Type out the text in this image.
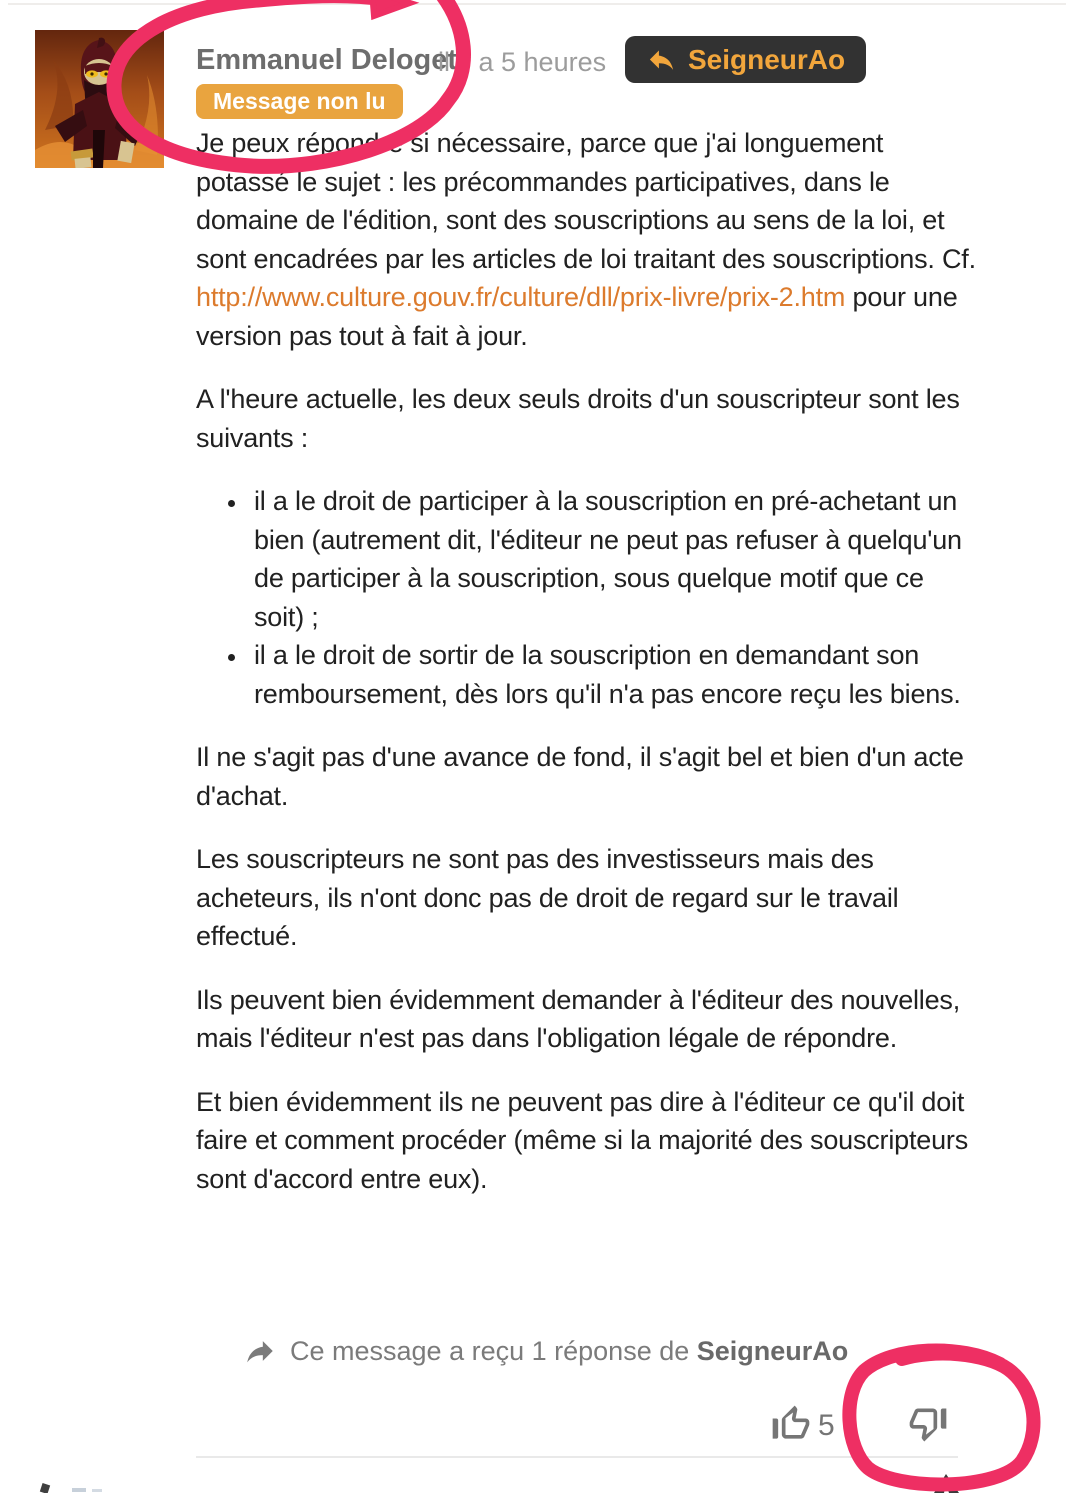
Emmanuel Deloget
il y a 5 heures	SeigneurAo
Message non lu

Je peux répondre si nécessaire, parce que j'ai longuement potassé le sujet : les précommandes participatives, dans le domaine de l'édition, sont des souscriptions au sens de la loi, et sont encadrées par les articles de loi traitant des souscriptions. Cf. http://www.culture.gouv.fr/culture/dll/prix-livre/prix-2.htm pour une version pas tout à fait à jour.

A l'heure actuelle, les deux seuls droits d'un souscripteur sont les suivants :

• il a le droit de participer à la souscription en pré-achetant un bien (autrement dit, l'éditeur ne peut pas refuser à quelqu'un de participer à la souscription, sous quelque motif que ce soit) ;
• il a le droit de sortir de la souscription en demandant son remboursement, dès lors qu'il n'a pas encore reçu les biens.

Il ne s'agit pas d'une avance de fond, il s'agit bel et bien d'un acte d'achat.

Les souscripteurs ne sont pas des investisseurs mais des acheteurs, ils n'ont donc pas de droit de regard sur le travail effectué.

Ils peuvent bien évidemment demander à l'éditeur des nouvelles, mais l'éditeur n'est pas dans l'obligation légale de répondre.

Et bien évidemment ils ne peuvent pas dire à l'éditeur ce qu'il doit faire et comment procéder (même si la majorité des souscripteurs sont d'accord entre eux).

Ce message a reçu 1 réponse de SeigneurAo
5
